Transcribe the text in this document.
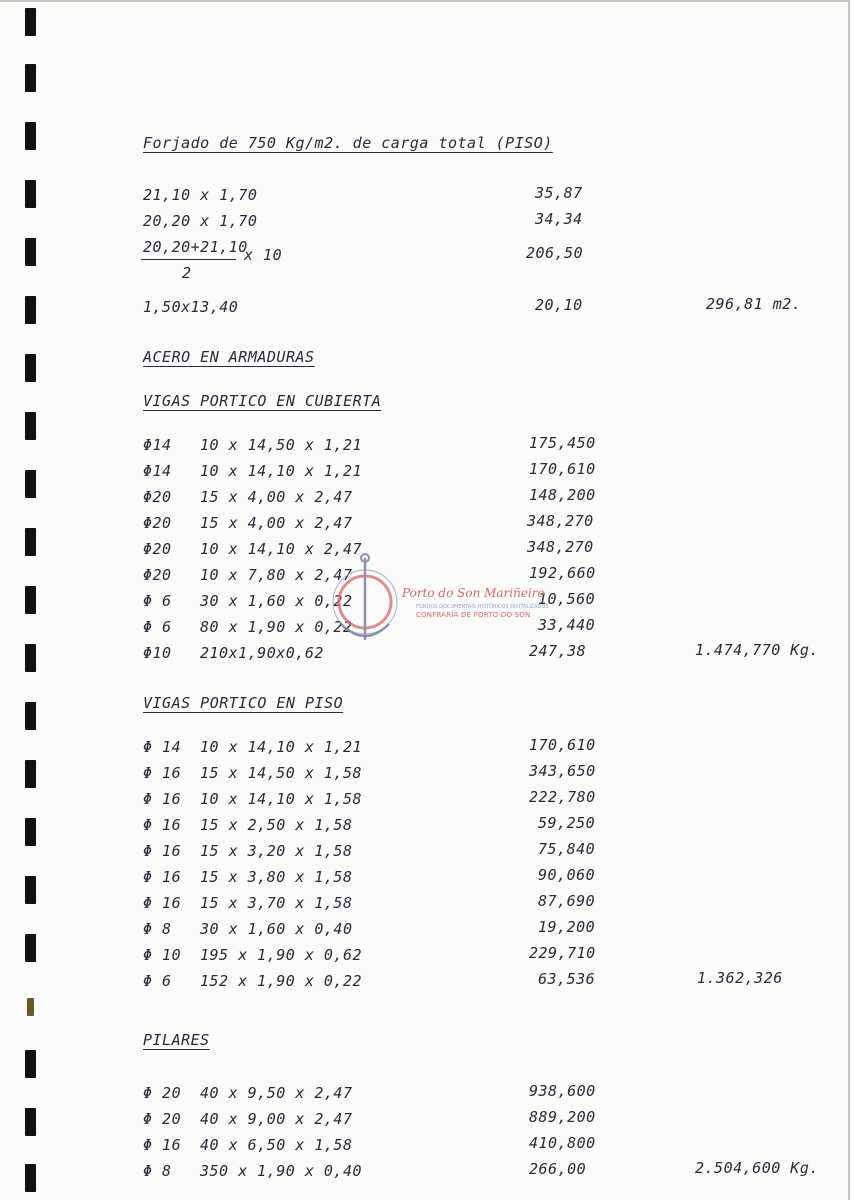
Forjado de 750 Kg/m2. de carga total (PISO)
21,10 x 1,70	35,87
20,20 x 1,70	34,34
20,20+21,10
2
x 10	206,50
1,50x13,40	20,10	296,81 m2.
ACERO EN ARMADURAS
VIGAS PORTICO EN CUBIERTA
Φ14 10 x 14,50 x 1,21	175,450
Φ14 10 x 14,10 x 1,21	170,610
Φ20 15 x 4,00 x 2,47	148,200
Φ20 15 x 4,00 x 2,47	348,270
Φ20 10 x 14,10 x 2,47	348,270
Φ20 10 x 7,80 x 2,47	192,660
Φ 6 30 x 1,60 x 0,22	10,560
Φ 6 80 x 1,90 x 0,22	33,440
Φ10 210x1,90x0,62	247,38	1.474,770 Kg.
Porto do Son Mariñeiro
FONDOS DOCUMENTAIS HISTÓRICOS DIXITALIZADOS
CONFRARÍA DE PORTO DO SON
VIGAS PORTICO EN PISO
Φ 14 10 x 14,10 x 1,21	170,610
Φ 16 15 x 14,50 x 1,58	343,650
Φ 16 10 x 14,10 x 1,58	222,780
Φ 16 15 x 2,50 x 1,58	59,250
Φ 16 15 x 3,20 x 1,58	75,840
Φ 16 15 x 3,80 x 1,58	90,060
Φ 16 15 x 3,70 x 1,58	87,690
Φ 8 30 x 1,60 x 0,40	19,200
Φ 10 195 x 1,90 x 0,62	229,710
Φ 6 152 x 1,90 x 0,22	63,536	1.362,326
PILARES
Φ 20 40 x 9,50 x 2,47	938,600
Φ 20 40 x 9,00 x 2,47	889,200
Φ 16 40 x 6,50 x 1,58	410,800
Φ 8 350 x 1,90 x 0,40	266,00	2.504,600 Kg.
